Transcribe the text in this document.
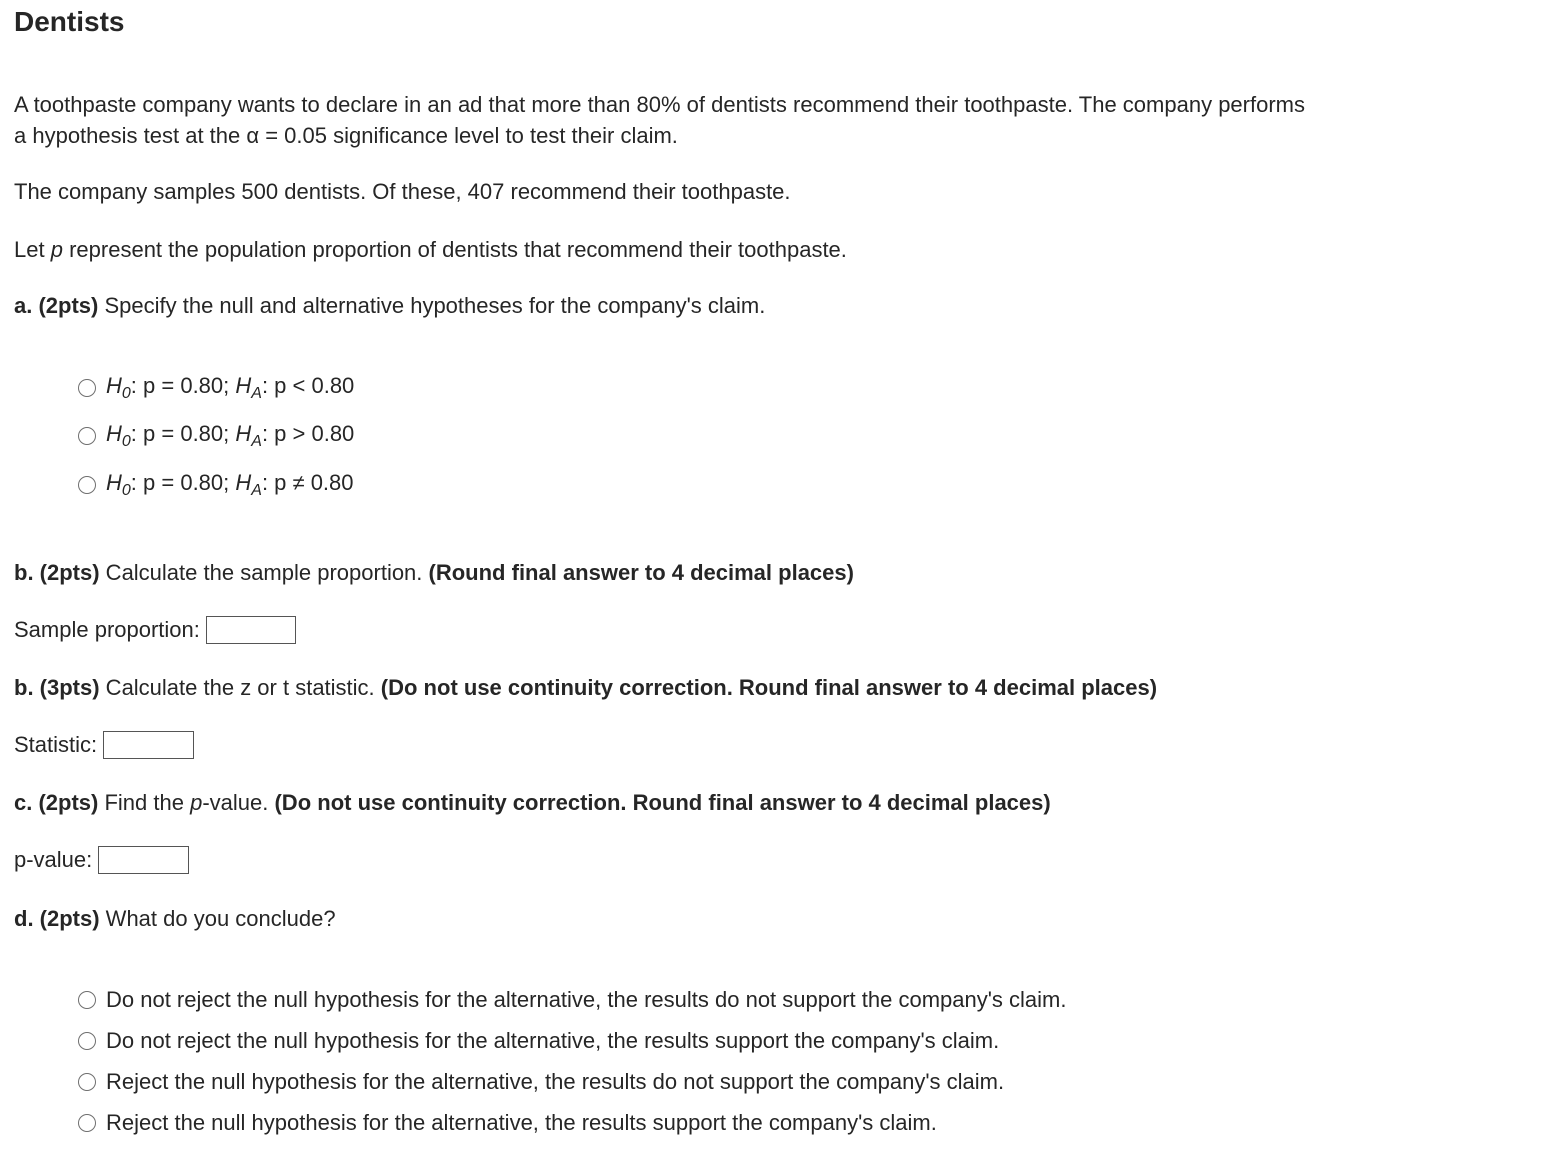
Dentists

A toothpaste company wants to declare in an ad that more than 80% of dentists recommend their toothpaste. The company performs

a hypothesis test at the α = 0.05 significance level to test their claim.

The company samples 500 dentists. Of these, 407 recommend their toothpaste.

Let p represent the population proportion of dentists that recommend their toothpaste.

a. (2pts) Specify the null and alternative hypotheses for the company's claim.

$H_0$: p = 0.80; $H_A$: p < 0.80
$H_0$: p = 0.80; $H_A$: p > 0.80
$H_0$: p = 0.80; $H_A$: p ≠ 0.80

b. (2pts) Calculate the sample proportion. (Round final answer to 4 decimal places)

Sample proportion:

b. (3pts) Calculate the z or t statistic. (Do not use continuity correction. Round final answer to 4 decimal places)

Statistic:

c. (2pts) Find the p-value. (Do not use continuity correction. Round final answer to 4 decimal places)

p-value:

d. (2pts) What do you conclude?

Do not reject the null hypothesis for the alternative, the results do not support the company's claim.
Do not reject the null hypothesis for the alternative, the results support the company's claim.
Reject the null hypothesis for the alternative, the results do not support the company's claim.
Reject the null hypothesis for the alternative, the results support the company's claim.
